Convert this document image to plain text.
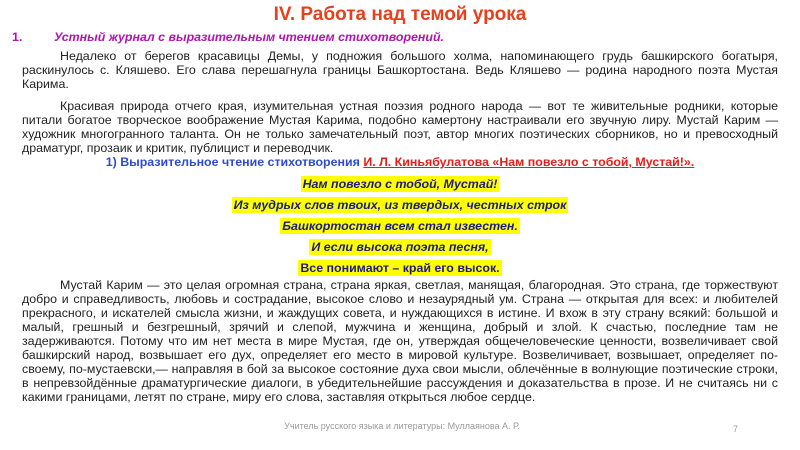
IV. Работа над темой урока
1.	Устный журнал с выразительным чтением стихотворений.
Недалеко от берегов красавицы Демы, у подножия большого холма, напоминающего грудь башкирского богатыря, раскинулось с. Кляшево. Его слава перешагнула границы Башкортостана. Ведь Кляшево — родина народного поэта Мустая Карима.
Красивая природа отчего края, изумительная устная поэзия родного народа — вот те живительные родники, которые питали богатое творческое воображение Мустая Карима, подобно камертону настраивали его звучную лиру. Мустай Карим — художник многогранного таланта. Он не только замечательный поэт, автор многих поэтических сборников, но и превосходный драматург, прозаик и критик, публицист и переводчик.
1) Выразительное чтение стихотворения И. Л. Киньябулатова «Нам повезло с тобой, Мустай!».
Нам повезло с тобой, Мустай!
Из мудрых слов твоих, из твердых, честных строк
Башкортостан всем стал известен.
И если высока поэта песня,
Все понимают – край его высок.
Мустай Карим — это целая огромная страна, страна яркая, светлая, манящая, благородная. Это страна, где торжествуют добро и справедливость, любовь и сострадание, высокое слово и незаурядный ум. Страна — открытая для всех: и любителей прекрасного, и искателей смысла жизни, и жаждущих совета, и нуждающихся в истине. И вхож в эту страну всякий: большой и малый, грешный и безгрешный, зрячий и слепой, мужчина и женщина, добрый и злой. К счастью, последние там не задерживаются. Потому что им нет места в мире Мустая, где он, утверждая общечеловеческие ценности, возвеличивает свой башкирский народ, возвышает его дух, определяет его место в мировой культуре. Возвеличивает, возвышает, определяет по-своему, по-мустаевски,— направляя в бой за высокое состояние духа свои мысли, облечённые в волнующие поэтические строки, в непревзойдённые драматургические диалоги, в убедительнейшие рассуждения и доказательства в прозе. И не считаясь ни с какими границами, летят по стране, миру его слова, заставляя открыться любое сердце.
Учитель русского языка и литературы: Муллаянова А. Р.	7
